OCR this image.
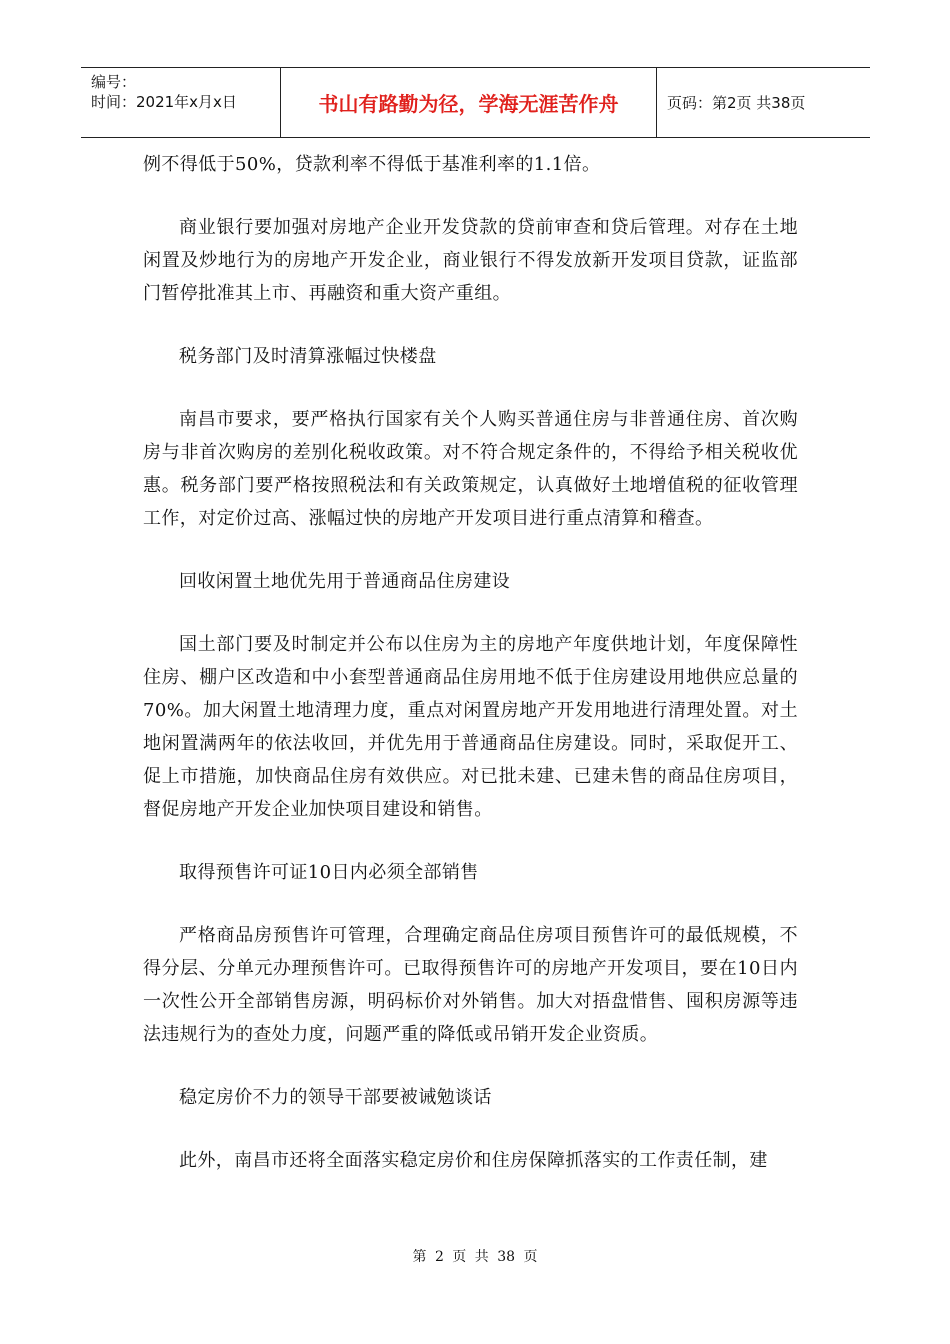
编号：
时间：2021年x月x日	书山有路勤为径，学海无涯苦作舟	页码：第2页 共38页

例不得低于50%，贷款利率不得低于基准利率的1.1倍。

商业银行要加强对房地产企业开发贷款的贷前审查和贷后管理。对存在土地闲置及炒地行为的房地产开发企业，商业银行不得发放新开发项目贷款，证监部门暂停批准其上市、再融资和重大资产重组。

税务部门及时清算涨幅过快楼盘

南昌市要求，要严格执行国家有关个人购买普通住房与非普通住房、首次购房与非首次购房的差别化税收政策。对不符合规定条件的，不得给予相关税收优惠。税务部门要严格按照税法和有关政策规定，认真做好土地增值税的征收管理工作，对定价过高、涨幅过快的房地产开发项目进行重点清算和稽查。

回收闲置土地优先用于普通商品住房建设

国土部门要及时制定并公布以住房为主的房地产年度供地计划，年度保障性住房、棚户区改造和中小套型普通商品住房用地不低于住房建设用地供应总量的70%。加大闲置土地清理力度，重点对闲置房地产开发用地进行清理处置。对土地闲置满两年的依法收回，并优先用于普通商品住房建设。同时，采取促开工、促上市措施，加快商品住房有效供应。对已批未建、已建未售的商品住房项目，督促房地产开发企业加快项目建设和销售。

取得预售许可证10日内必须全部销售

严格商品房预售许可管理，合理确定商品住房项目预售许可的最低规模，不得分层、分单元办理预售许可。已取得预售许可的房地产开发项目，要在10日内一次性公开全部销售房源，明码标价对外销售。加大对捂盘惜售、囤积房源等违法违规行为的查处力度，问题严重的降低或吊销开发企业资质。

稳定房价不力的领导干部要被诫勉谈话

此外，南昌市还将全面落实稳定房价和住房保障抓落实的工作责任制，建

第 2 页 共 38 页
